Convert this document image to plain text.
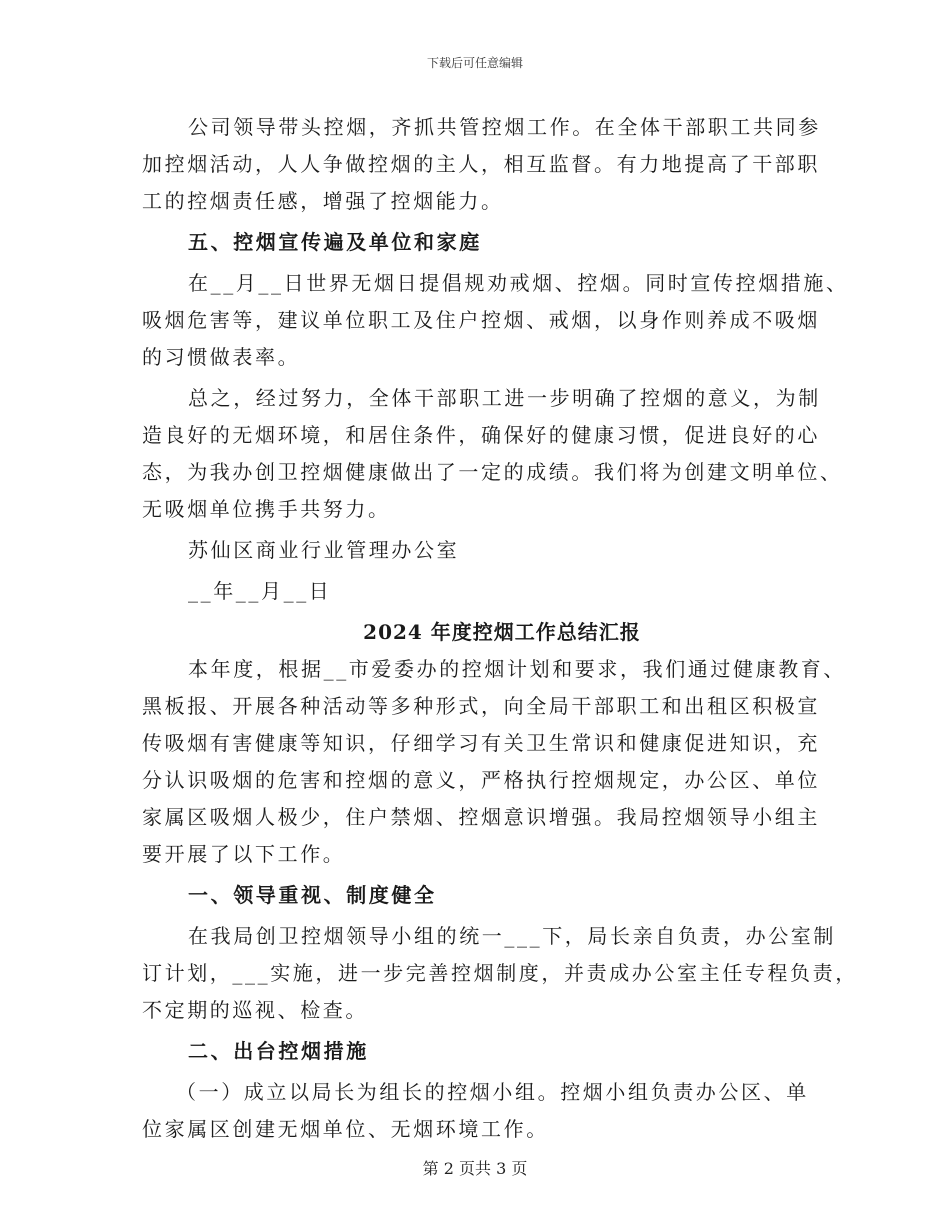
下载后可任意编辑
公司领导带头控烟，齐抓共管控烟工作。在全体干部职工共同参
加控烟活动，人人争做控烟的主人，相互监督。有力地提高了干部职
工的控烟责任感，增强了控烟能力。
五、控烟宣传遍及单位和家庭
在__月__日世界无烟日提倡规劝戒烟、控烟。同时宣传控烟措施、
吸烟危害等，建议单位职工及住户控烟、戒烟，以身作则养成不吸烟
的习惯做表率。
总之，经过努力，全体干部职工进一步明确了控烟的意义，为制
造良好的无烟环境，和居住条件，确保好的健康习惯，促进良好的心
态，为我办创卫控烟健康做出了一定的成绩。我们将为创建文明单位、
无吸烟单位携手共努力。
苏仙区商业行业管理办公室
__年__月__日
2024 年度控烟工作总结汇报
本年度，根据__市爱委办的控烟计划和要求，我们通过健康教育、
黑板报、开展各种活动等多种形式，向全局干部职工和出租区积极宣
传吸烟有害健康等知识，仔细学习有关卫生常识和健康促进知识，充
分认识吸烟的危害和控烟的意义，严格执行控烟规定，办公区、单位
家属区吸烟人极少，住户禁烟、控烟意识增强。我局控烟领导小组主
要开展了以下工作。
一、领导重视、制度健全
在我局创卫控烟领导小组的统一___下，局长亲自负责，办公室制
订计划，___实施，进一步完善控烟制度，并责成办公室主任专程负责，
不定期的巡视、检查。
二、出台控烟措施
（一）成立以局长为组长的控烟小组。控烟小组负责办公区、单
位家属区创建无烟单位、无烟环境工作。
第 2 页共 3 页
